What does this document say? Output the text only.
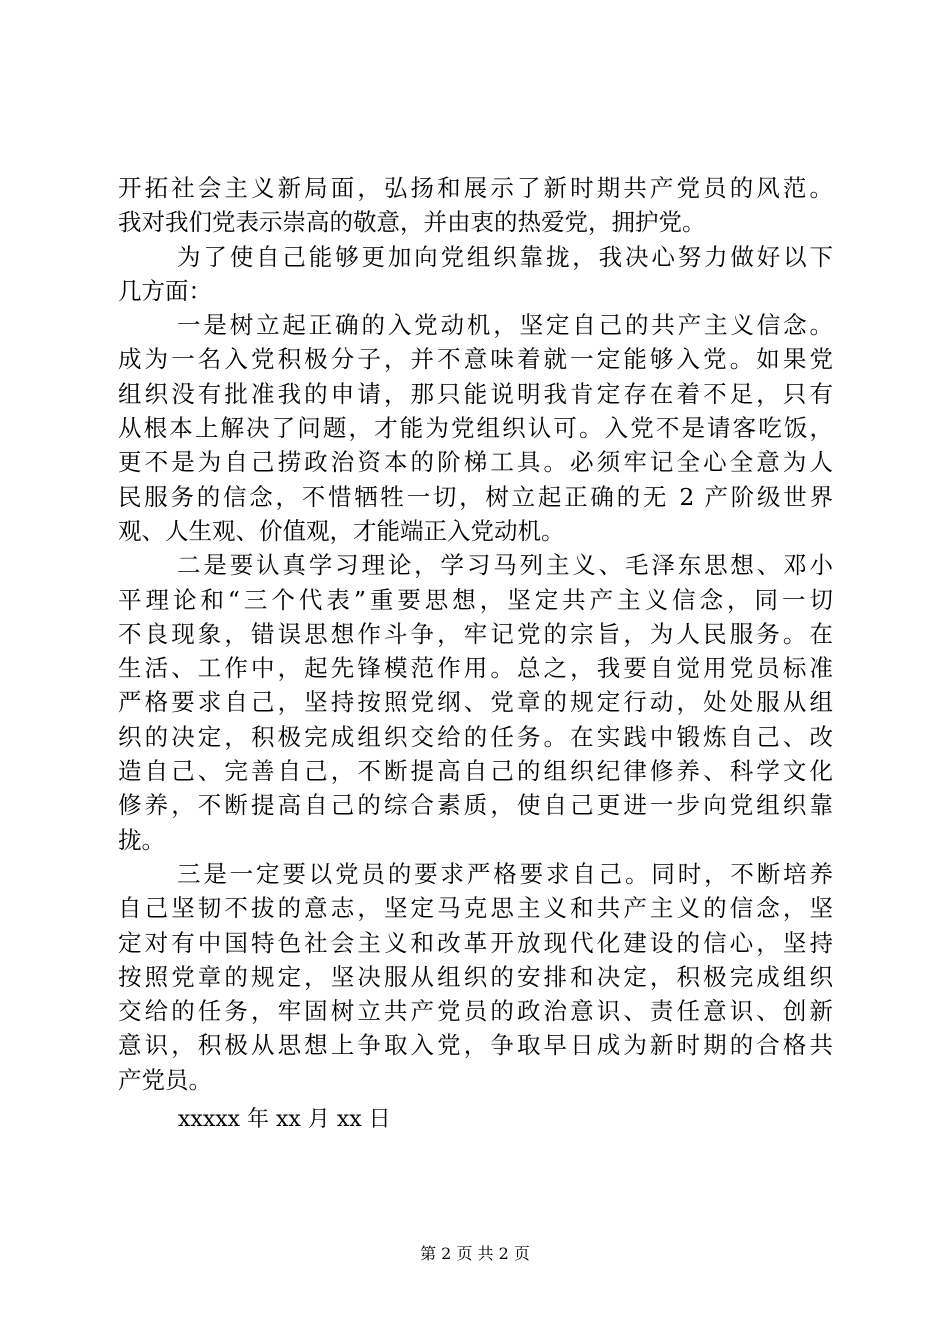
开拓社会主义新局面，弘扬和展示了新时期共产党员的风范。
我对我们党表示崇高的敬意，并由衷的热爱党，拥护党。
为了使自己能够更加向党组织靠拢，我决心努力做好以下
几方面：
一是树立起正确的入党动机，坚定自己的共产主义信念。
成为一名入党积极分子，并不意味着就一定能够入党。如果党
组织没有批准我的申请，那只能说明我肯定存在着不足，只有
从根本上解决了问题，才能为党组织认可。入党不是请客吃饭，
更不是为自己捞政治资本的阶梯工具。必须牢记全心全意为人
民服务的信念，不惜牺牲一切，树立起正确的无 2 产阶级世界
观、人生观、价值观，才能端正入党动机。
二是要认真学习理论，学习马列主义、毛泽东思想、邓小
平理论和“三个代表”重要思想，坚定共产主义信念，同一切
不良现象，错误思想作斗争，牢记党的宗旨，为人民服务。在
生活、工作中，起先锋模范作用。总之，我要自觉用党员标准
严格要求自己，坚持按照党纲、党章的规定行动，处处服从组
织的决定，积极完成组织交给的任务。在实践中锻炼自己、改
造自己、完善自己，不断提高自己的组织纪律修养、科学文化
修养，不断提高自己的综合素质，使自己更进一步向党组织靠
拢。
三是一定要以党员的要求严格要求自己。同时，不断培养
自己坚韧不拔的意志，坚定马克思主义和共产主义的信念，坚
定对有中国特色社会主义和改革开放现代化建设的信心，坚持
按照党章的规定，坚决服从组织的安排和决定，积极完成组织
交给的任务，牢固树立共产党员的政治意识、责任意识、创新
意识，积极从思想上争取入党，争取早日成为新时期的合格共
产党员。
xxxxx 年 xx 月 xx 日
第 2 页 共 2 页
